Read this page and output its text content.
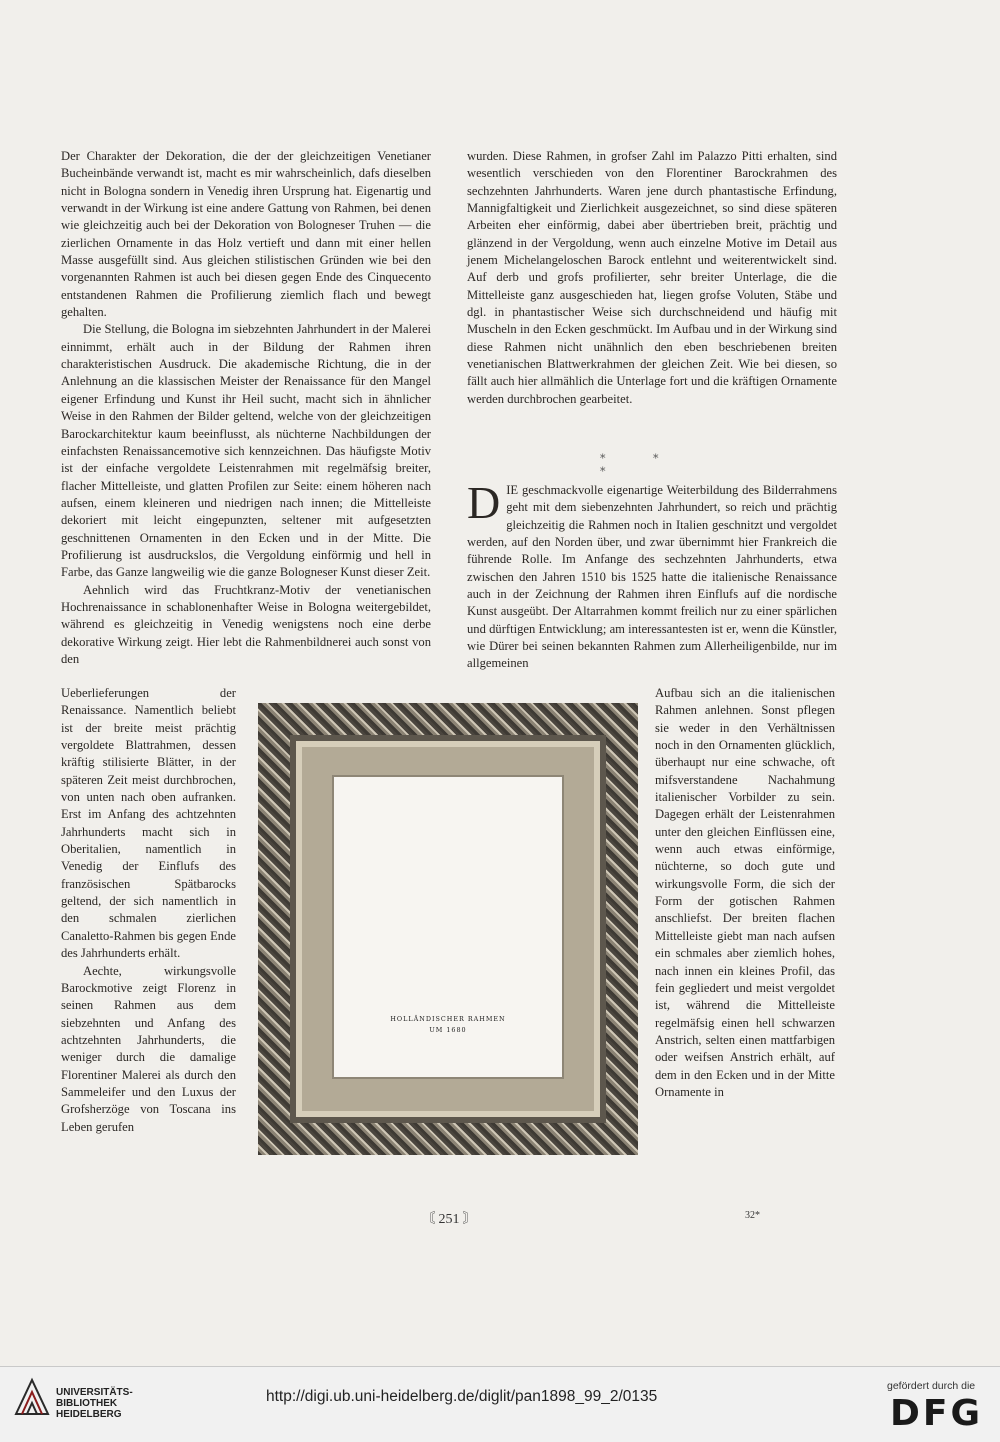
Der Charakter der Dekoration, die der der gleichzeitigen Venetianer Bucheinbände verwandt ist, macht es mir wahrscheinlich, dafs dieselben nicht in Bologna sondern in Venedig ihren Ursprung hat. Eigenartig und verwandt in der Wirkung ist eine andere Gattung von Rahmen, bei denen wie gleichzeitig auch bei der Dekoration von Bologneser Truhen — die zierlichen Ornamente in das Holz vertieft und dann mit einer hellen Masse ausgefüllt sind. Aus gleichen stilistischen Gründen wie bei den vorgenannten Rahmen ist auch bei diesen gegen Ende des Cinquecento entstandenen Rahmen die Profilierung ziemlich flach und bewegt gehalten.

Die Stellung, die Bologna im siebzehnten Jahrhundert in der Malerei einnimmt, erhält auch in der Bildung der Rahmen ihren charakteristischen Ausdruck. Die akademische Richtung, die in der Anlehnung an die klassischen Meister der Renaissance für den Mangel eigener Erfindung und Kunst ihr Heil sucht, macht sich in ähnlicher Weise in den Rahmen der Bilder geltend, welche von der gleichzeitigen Barockarchitektur kaum beeinflusst, als nüchterne Nachbildungen der einfachsten Renaissancemotive sich kennzeichnen. Das häufigste Motiv ist der einfache vergoldete Leistenrahmen mit regelmäfsig breiter, flacher Mittelleiste, und glatten Profilen zur Seite: einem höheren nach aufsen, einem kleineren und niedrigen nach innen; die Mittelleiste dekoriert mit leicht eingepunzten, seltener mit aufgesetzten geschnittenen Ornamenten in den Ecken und in der Mitte. Die Profilierung ist ausdruckslos, die Vergoldung einförmig und hell in Farbe, das Ganze langweilig wie die ganze Bologneser Kunst dieser Zeit.

Aehnlich wird das Fruchtkranz-Motiv der venetianischen Hochrenaissance in schablonenhafter Weise in Bologna weitergebildet, während es gleichzeitig in Venedig wenigstens noch eine derbe dekorative Wirkung zeigt. Hier lebt die Rahmenbildnerei auch sonst von den

Ueberlieferungen der Renaissance. Namentlich beliebt ist der breite meist prächtig vergoldete Blattrahmen, dessen kräftig stilisierte Blätter, in der späteren Zeit meist durchbrochen, von unten nach oben aufranken. Erst im Anfang des achtzehnten Jahrhunderts macht sich in Oberitalien, namentlich in Venedig der Einflufs des französischen Spätbarocks geltend, der sich namentlich in den schmalen zierlichen Canaletto-Rahmen bis gegen Ende des Jahrhunderts erhält.

Aechte, wirkungsvolle Barockmotive zeigt Florenz in seinen Rahmen aus dem siebzehnten und Anfang des achtzehnten Jahrhunderts, die weniger durch die damalige Florentiner Malerei als durch den Sammeleifer und den Luxus der Grofsherzöge von Toscana ins Leben gerufen

wurden. Diese Rahmen, in grofser Zahl im Palazzo Pitti erhalten, sind wesentlich verschieden von den Florentiner Barockrahmen des sechzehnten Jahrhunderts. Waren jene durch phantastische Erfindung, Mannigfaltigkeit und Zierlichkeit ausgezeichnet, so sind diese späteren Arbeiten eher einförmig, dabei aber übertrieben breit, prächtig und glänzend in der Vergoldung, wenn auch einzelne Motive im Detail aus jenem Michelangeloschen Barock entlehnt und weiterentwickelt sind. Auf derb und grofs profilierter, sehr breiter Unterlage, die die Mittelleiste ganz ausgeschieden hat, liegen grofse Voluten, Stäbe und dgl. in phantastischer Weise sich durchschneidend und häufig mit Muscheln in den Ecken geschmückt. Im Aufbau und in der Wirkung sind diese Rahmen nicht unähnlich den eben beschriebenen breiten venetianischen Blattwerkrahmen der gleichen Zeit. Wie bei diesen, so fällt auch hier allmählich die Unterlage fort und die kräftigen Ornamente werden durchbrochen gearbeitet.

* * *
D IE geschmackvolle eigenartige Weiterbildung des Bilderrahmens geht mit dem siebenzehnten Jahrhundert, so reich und prächtig gleichzeitig die Rahmen noch in Italien geschnitzt und vergoldet werden, auf den Norden über, und zwar übernimmt hier Frankreich die führende Rolle. Im Anfange des sechzehnten Jahrhunderts, etwa zwischen den Jahren 1510 bis 1525 hatte die italienische Renaissance auch in der Zeichnung der Rahmen ihren Einflufs auf die nordische Kunst ausgeübt. Der Altarrahmen kommt freilich nur zu einer spärlichen und dürftigen Entwicklung; am interessantesten ist er, wenn die Künstler, wie Dürer bei seinen bekannten Rahmen zum Allerheiligenbilde, nur im allgemeinen

Aufbau sich an die italienischen Rahmen anlehnen. Sonst pflegen sie weder in den Verhältnissen noch in den Ornamenten glücklich, überhaupt nur eine schwache, oft mifsverstandene Nachahmung italienischer Vorbilder zu sein. Dagegen erhält der Leistenrahmen unter den gleichen Einflüssen eine, wenn auch etwas einförmige, nüchterne, so doch gute und wirkungsvolle Form, die sich der Form der gotischen Rahmen anschliefst. Der breiten flachen Mittelleiste giebt man nach aufsen ein schmales aber ziemlich hohes, nach innen ein kleines Profil, das fein gegliedert und meist vergoldet ist, während die Mittelleiste regelmäfsig einen hell schwarzen Anstrich, selten einen mattfarbigen oder weifsen Anstrich erhält, auf dem in den Ecken und in der Mitte Ornamente in

HOLLÄNDISCHER RAHMEN
UM 1680
〘 251 〙	32*
UNIVERSITÄTS-
BIBLIOTHEK
HEIDELBERG
http://digi.ub.uni-heidelberg.de/diglit/pan1898_99_2/0135
gefördert durch die
DFG
